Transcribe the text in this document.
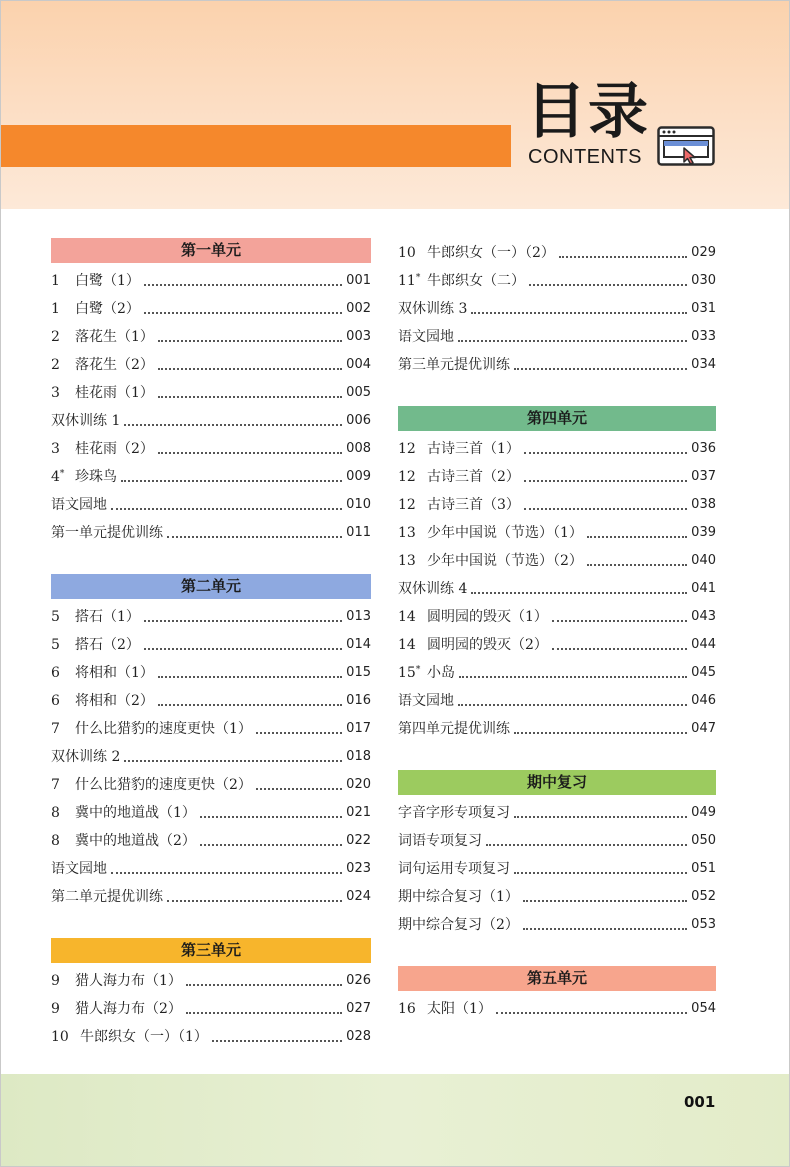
目录
CONTENTS
第一单元
1	白鹭（1）	001
1	白鹭（2）	002
2	落花生（1）	003
2	落花生（2）	004
3	桂花雨（1）	005
双休训练 1	006
3	桂花雨（2）	008
4* 珍珠鸟	009
语文园地	010
第一单元提优训练	011
第二单元
5	搭石（1）	013
5	搭石（2）	014
6	将相和（1）	015
6	将相和（2）	016
7	什么比猎豹的速度更快（1）	017
双休训练 2	018
7	什么比猎豹的速度更快（2）	020
8	冀中的地道战（1）	021
8	冀中的地道战（2）	022
语文园地	023
第二单元提优训练	024
第三单元
9	猎人海力布（1）	026
9	猎人海力布（2）	027
10 牛郎织女（一）（1）	028
10 牛郎织女（一）（2）	029
11* 牛郎织女（二）	030
双休训练 3	031
语文园地	033
第三单元提优训练	034
第四单元
12 古诗三首（1）	036
12 古诗三首（2）	037
12 古诗三首（3）	038
13 少年中国说（节选）（1）	039
13 少年中国说（节选）（2）	040
双休训练 4	041
14 圆明园的毁灭（1）	043
14 圆明园的毁灭（2）	044
15* 小岛	045
语文园地	046
第四单元提优训练	047
期中复习
字音字形专项复习	049
词语专项复习	050
词句运用专项复习	051
期中综合复习（1）	052
期中综合复习（2）	053
第五单元
16 太阳（1）	054
001
